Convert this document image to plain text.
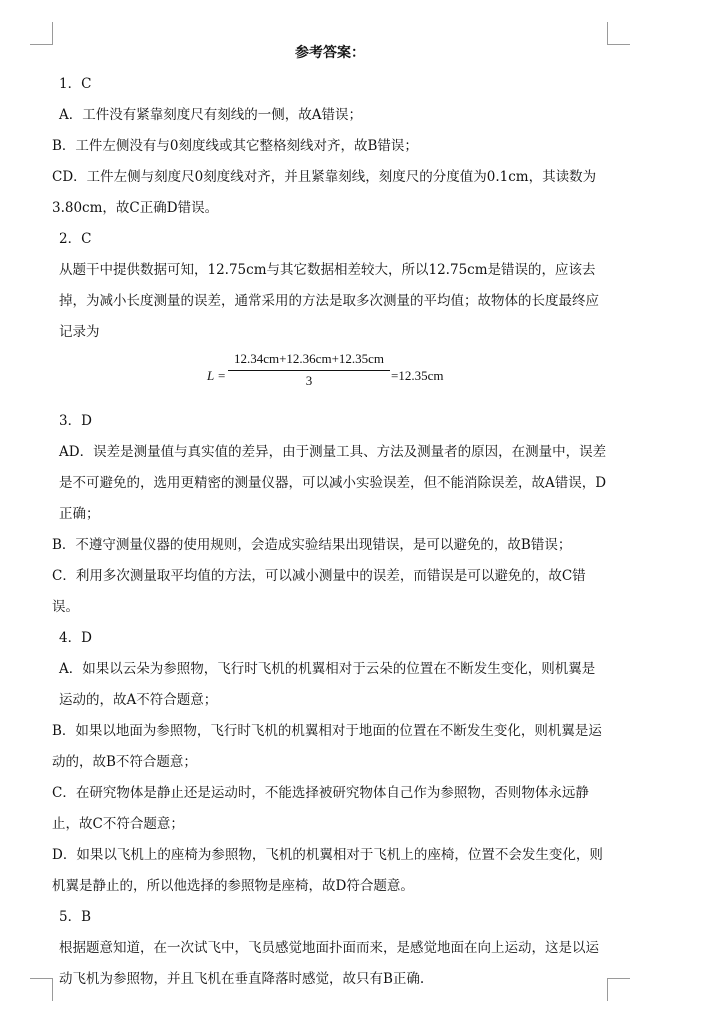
参考答案：
1．C
A．工件没有紧靠刻度尺有刻线的一侧，故A错误；
B．工件左侧没有与0刻度线或其它整格刻线对齐，故B错误；
CD．工件左侧与刻度尺0刻度线对齐，并且紧靠刻线，刻度尺的分度值为0.1cm，其读数为3.80cm，故C正确D错误。
2．C
从题干中提供数据可知，12.75cm与其它数据相差较大，所以12.75cm是错误的，应该去掉，为减小长度测量的误差，通常采用的方法是取多次测量的平均值；故物体的长度最终应记录为
$L = \frac{12.34cm+12.36cm+12.35cm}{3} =12.35cm$
3．D
AD．误差是测量值与真实值的差异，由于测量工具、方法及测量者的原因，在测量中，误差是不可避免的，选用更精密的测量仪器，可以减小实验误差，但不能消除误差，故A错误，D正确；
B．不遵守测量仪器的使用规则，会造成实验结果出现错误，是可以避免的，故B错误；
C．利用多次测量取平均值的方法，可以减小测量中的误差，而错误是可以避免的，故C错误。
4．D
A．如果以云朵为参照物，飞行时飞机的机翼相对于云朵的位置在不断发生变化，则机翼是运动的，故A不符合题意；
B．如果以地面为参照物，飞行时飞机的机翼相对于地面的位置在不断发生变化，则机翼是运动的，故B不符合题意；
C．在研究物体是静止还是运动时，不能选择被研究物体自己作为参照物，否则物体永远静止，故C不符合题意；
D．如果以飞机上的座椅为参照物，飞机的机翼相对于飞机上的座椅，位置不会发生变化，则机翼是静止的，所以他选择的参照物是座椅，故D符合题意。
5．B
根据题意知道，在一次试飞中，飞员感觉地面扑面而来，是感觉地面在向上运动，这是以运动飞机为参照物，并且飞机在垂直降落时感觉，故只有B正确.
